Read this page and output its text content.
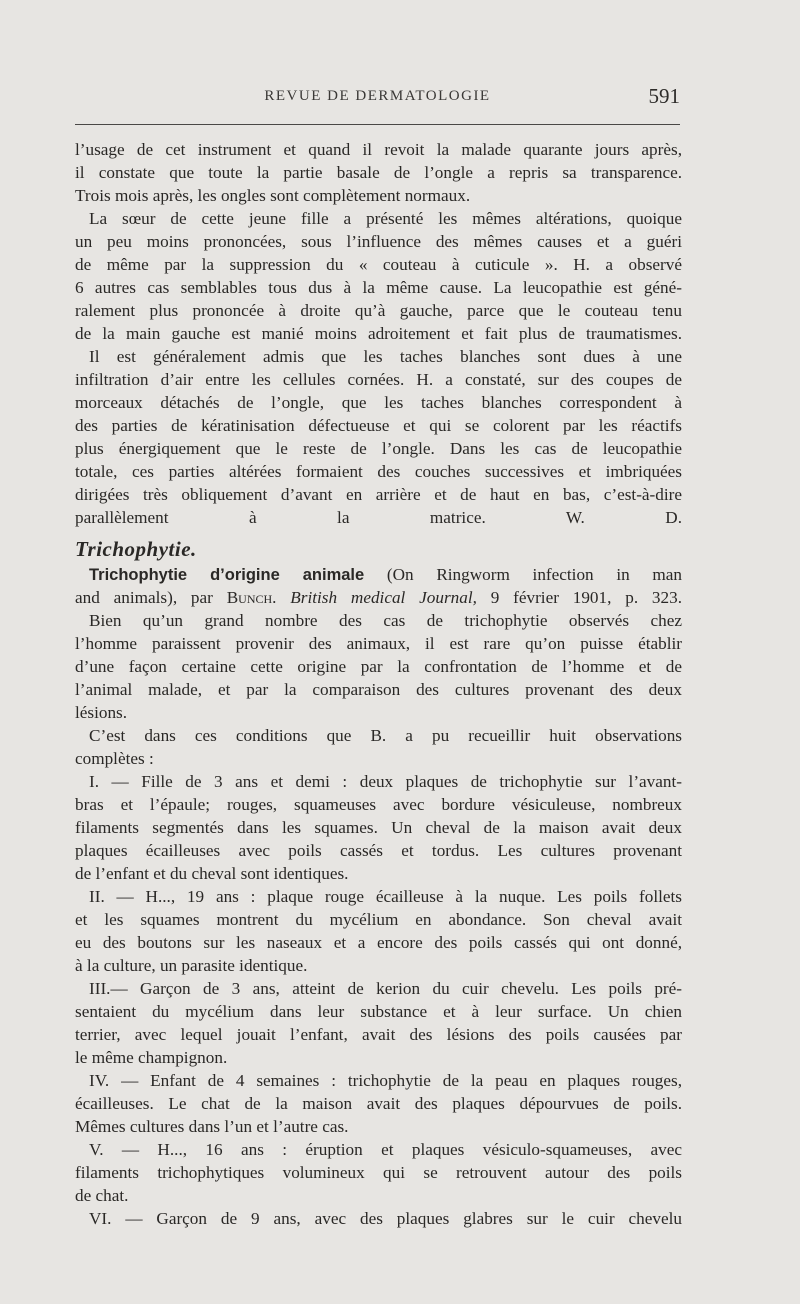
REVUE DE DERMATOLOGIE	591
l’usage de cet instrument et quand il revoit la malade quarante jours après,
il constate que toute la partie basale de l’ongle a repris sa transparence.
Trois mois après, les ongles sont complètement normaux.
La sœur de cette jeune fille a présenté les mêmes altérations, quoique
un peu moins prononcées, sous l’influence des mêmes causes et a guéri
de même par la suppression du « couteau à cuticule ». H. a observé
6 autres cas semblables tous dus à la même cause. La leucopathie est géné-
ralement plus prononcée à droite qu’à gauche, parce que le couteau tenu
de la main gauche est manié moins adroitement et fait plus de traumatismes.
Il est généralement admis que les taches blanches sont dues à une
infiltration d’air entre les cellules cornées. H. a constaté, sur des coupes de
morceaux détachés de l’ongle, que les taches blanches correspondent à
des parties de kératinisation défectueuse et qui se colorent par les réactifs
plus énergiquement que le reste de l’ongle. Dans les cas de leucopathie
totale, ces parties altérées formaient des couches successives et imbriquées
dirigées très obliquement d’avant en arrière et de haut en bas, c’est-à-dire
parallèlement à la matrice. W. D.
Trichophytie.
Trichophytie d’origine animale (On Ringworm infection in man
and animals), par Bunch. British medical Journal, 9 février 1901, p. 323.
Bien qu’un grand nombre des cas de trichophytie observés chez
l’homme paraissent provenir des animaux, il est rare qu’on puisse établir
d’une façon certaine cette origine par la confrontation de l’homme et de
l’animal malade, et par la comparaison des cultures provenant des deux
lésions.
C’est dans ces conditions que B. a pu recueillir huit observations
complètes :
I. — Fille de 3 ans et demi : deux plaques de trichophytie sur l’avant-
bras et l’épaule; rouges, squameuses avec bordure vésiculeuse, nombreux
filaments segmentés dans les squames. Un cheval de la maison avait deux
plaques écailleuses avec poils cassés et tordus. Les cultures provenant
de l’enfant et du cheval sont identiques.
II. — H..., 19 ans : plaque rouge écailleuse à la nuque. Les poils follets
et les squames montrent du mycélium en abondance. Son cheval avait
eu des boutons sur les naseaux et a encore des poils cassés qui ont donné,
à la culture, un parasite identique.
III.— Garçon de 3 ans, atteint de kerion du cuir chevelu. Les poils pré-
sentaient du mycélium dans leur substance et à leur surface. Un chien
terrier, avec lequel jouait l’enfant, avait des lésions des poils causées par
le même champignon.
IV. — Enfant de 4 semaines : trichophytie de la peau en plaques rouges,
écailleuses. Le chat de la maison avait des plaques dépourvues de poils.
Mêmes cultures dans l’un et l’autre cas.
V. — H..., 16 ans : éruption et plaques vésiculo-squameuses, avec
filaments trichophytiques volumineux qui se retrouvent autour des poils
de chat.
VI. — Garçon de 9 ans, avec des plaques glabres sur le cuir chevelu
